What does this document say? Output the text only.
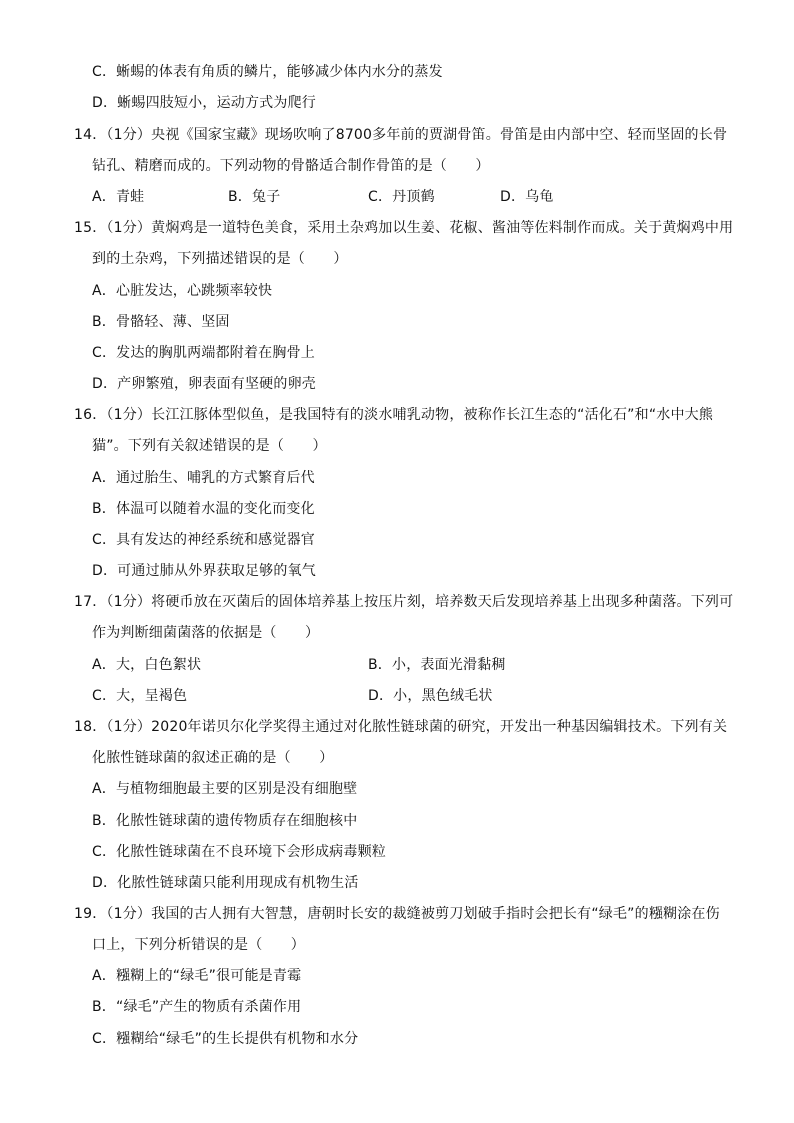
C．蜥蜴的体表有角质的鳞片，能够减少体内水分的蒸发
D．蜥蜴四肢短小，运动方式为爬行
14．（1分）央视《国家宝藏》现场吹响了8700多年前的贾湖骨笛。骨笛是由内部中空、轻而坚固的长骨
钻孔、精磨而成的。下列动物的骨骼适合制作骨笛的是（　　）
A．青蛙	B．兔子	C．丹顶鹤	D．乌龟
15．（1分）黄焖鸡是一道特色美食，采用土杂鸡加以生姜、花椒、酱油等佐料制作而成。关于黄焖鸡中用
到的土杂鸡，下列描述错误的是（　　）
A．心脏发达，心跳频率较快
B．骨骼轻、薄、坚固
C．发达的胸肌两端都附着在胸骨上
D．产卵繁殖，卵表面有坚硬的卵壳
16．（1分）长江江豚体型似鱼，是我国特有的淡水哺乳动物，被称作长江生态的“活化石”和“水中大熊
猫”。下列有关叙述错误的是（　　）
A．通过胎生、哺乳的方式繁育后代
B．体温可以随着水温的变化而变化
C．具有发达的神经系统和感觉器官
D．可通过肺从外界获取足够的氧气
17．（1分）将硬币放在灭菌后的固体培养基上按压片刻，培养数天后发现培养基上出现多种菌落。下列可
作为判断细菌菌落的依据是（　　）
A．大，白色絮状	B．小，表面光滑黏稠
C．大，呈褐色	D．小，黑色绒毛状
18．（1分）2020年诺贝尔化学奖得主通过对化脓性链球菌的研究，开发出一种基因编辑技术。下列有关
化脓性链球菌的叙述正确的是（　　）
A．与植物细胞最主要的区别是没有细胞壁
B．化脓性链球菌的遗传物质存在细胞核中
C．化脓性链球菌在不良环境下会形成病毒颗粒
D．化脓性链球菌只能利用现成有机物生活
19．（1分）我国的古人拥有大智慧，唐朝时长安的裁缝被剪刀划破手指时会把长有“绿毛”的糨糊涂在伤
口上，下列分析错误的是（　　）
A．糨糊上的“绿毛”很可能是青霉
B．“绿毛”产生的物质有杀菌作用
C．糨糊给“绿毛”的生长提供有机物和水分
